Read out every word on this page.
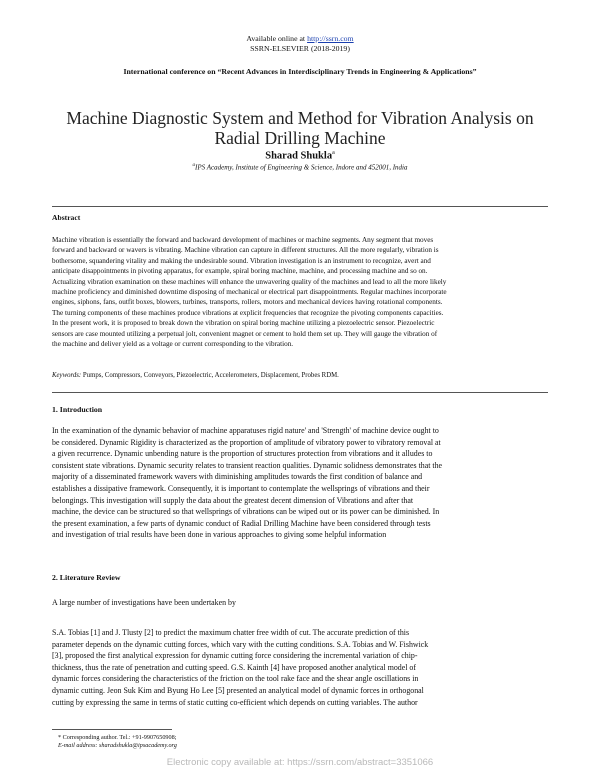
Available online at http://ssrn.com
SSRN-ELSEVIER (2018-2019)
International conference on “Recent Advances in Interdisciplinary Trends in Engineering & Applications”
Machine Diagnostic System and Method for Vibration Analysis on
Radial Drilling Machine
Sharad Shukla$^a$
$^a$IPS Academy, Institute of Engineering & Science, Indore and 452001, India
Abstract
Machine vibration is essentially the forward and backward development of machines or machine segments. Any segment that moves
forward and backward or wavers is vibrating. Machine vibration can capture in different structures. All the more regularly, vibration is
bothersome, squandering vitality and making the undesirable sound. Vibration investigation is an instrument to recognize, avert and
anticipate disappointments in pivoting apparatus, for example, spiral boring machine, machine, and processing machine and so on.
Actualizing vibration examination on these machines will enhance the unwavering quality of the machines and lead to all the more likely
machine proficiency and diminished downtime disposing of mechanical or electrical part disappointments. Regular machines incorporate
engines, siphons, fans, outfit boxes, blowers, turbines, transports, rollers, motors and mechanical devices having rotational components.
The turning components of these machines produce vibrations at explicit frequencies that recognize the pivoting components capacities.
In the present work, it is proposed to break down the vibration on spiral boring machine utilizing a piezoelectric sensor. Piezoelectric
sensors are case mounted utilizing a perpetual jolt, convenient magnet or cement to hold them set up. They will gauge the vibration of
the machine and deliver yield as a voltage or current corresponding to the vibration.
Keywords: Pumps, Compressors, Conveyors, Piezoelectric, Accelerometers, Displacement, Probes RDM.
1. Introduction
In the examination of the dynamic behavior of machine apparatuses rigid nature' and 'Strength' of machine device ought to
be considered. Dynamic Rigidity is characterized as the proportion of amplitude of vibratory power to vibratory removal at
a given recurrence. Dynamic unbending nature is the proportion of structures protection from vibrations and it alludes to
consistent state vibrations. Dynamic security relates to transient reaction qualities. Dynamic solidness demonstrates that the
majority of a disseminated framework wavers with diminishing amplitudes towards the first condition of balance and
establishes a dissipative framework. Consequently, it is important to contemplate the wellsprings of vibrations and their
belongings. This investigation will supply the data about the greatest decent dimension of Vibrations and after that
machine, the device can be structured so that wellsprings of vibrations can be wiped out or its power can be diminished. In
the present examination, a few parts of dynamic conduct of Radial Drilling Machine have been considered through tests
and investigation of trial results have been done in various approaches to giving some helpful information
2. Literature Review
A large number of investigations have been undertaken by
S.A. Tobias [1] and J. Tlusty [2] to predict the maximum chatter free width of cut. The accurate prediction of this
parameter depends on the dynamic cutting forces, which vary with the cutting conditions. S.A. Tobias and W. Fishwick
[3], proposed the first analytical expression for dynamic cutting force considering the incremental variation of chip-
thickness, thus the rate of penetration and cutting speed. G.S. Kainth [4] have proposed another analytical model of
dynamic forces considering the characteristics of the friction on the tool rake face and the shear angle oscillations in
dynamic cutting. Jeon Suk Kim and Byung Ho Lee [5] presented an analytical model of dynamic forces in orthogonal
cutting by expressing the same in terms of static cutting co-efficient which depends on cutting variables. The author
* Corresponding author. Tel.: +91-9907650908;
E-mail address: sharadshukla@ipsacademy.org
Electronic copy available at: https://ssrn.com/abstract=3351066
